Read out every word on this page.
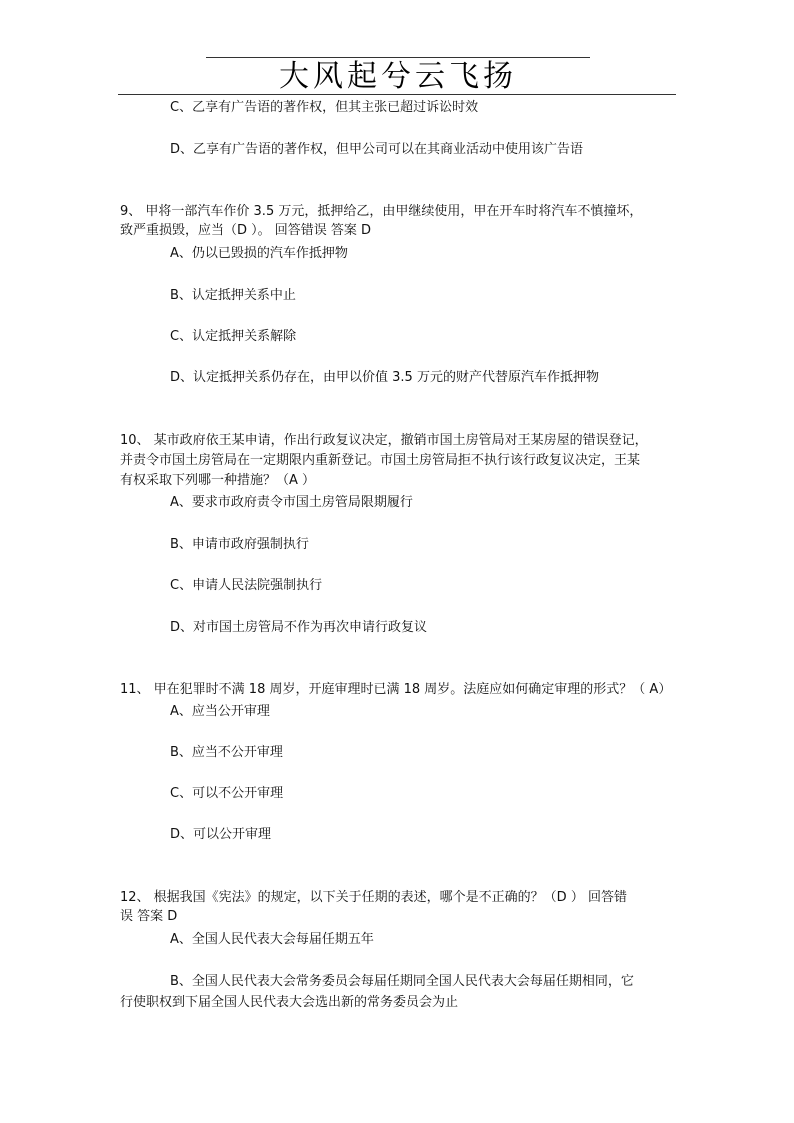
大风起兮云飞扬
C、乙享有广告语的著作权，但其主张已超过诉讼时效
D、乙享有广告语的著作权，但甲公司可以在其商业活动中使用该广告语
9、 甲将一部汽车作价 3.5 万元，抵押给乙，由甲继续使用，甲在开车时将汽车不慎撞坏，
致严重损毁，应当（D ）。 回答错误 答案 D
A、仍以已毁损的汽车作抵押物
B、认定抵押关系中止
C、认定抵押关系解除
D、认定抵押关系仍存在，由甲以价值 3.5 万元的财产代替原汽车作抵押物
10、 某市政府依王某申请，作出行政复议决定，撤销市国土房管局对王某房屋的错误登记，
并责令市国土房管局在一定期限内重新登记。市国土房管局拒不执行该行政复议决定，王某
有权采取下列哪一种措施？（A ）
A、要求市政府责令市国土房管局限期履行
B、申请市政府强制执行
C、申请人民法院强制执行
D、对市国土房管局不作为再次申请行政复议
11、 甲在犯罪时不满 18 周岁，开庭审理时已满 18 周岁。法庭应如何确定审理的形式？（ A）
A、应当公开审理
B、应当不公开审理
C、可以不公开审理
D、可以公开审理
12、 根据我国《宪法》的规定，以下关于任期的表述，哪个是不正确的？（D ） 回答错
误 答案 D
A、全国人民代表大会每届任期五年
B、全国人民代表大会常务委员会每届任期同全国人民代表大会每届任期相同，它
行使职权到下届全国人民代表大会选出新的常务委员会为止
